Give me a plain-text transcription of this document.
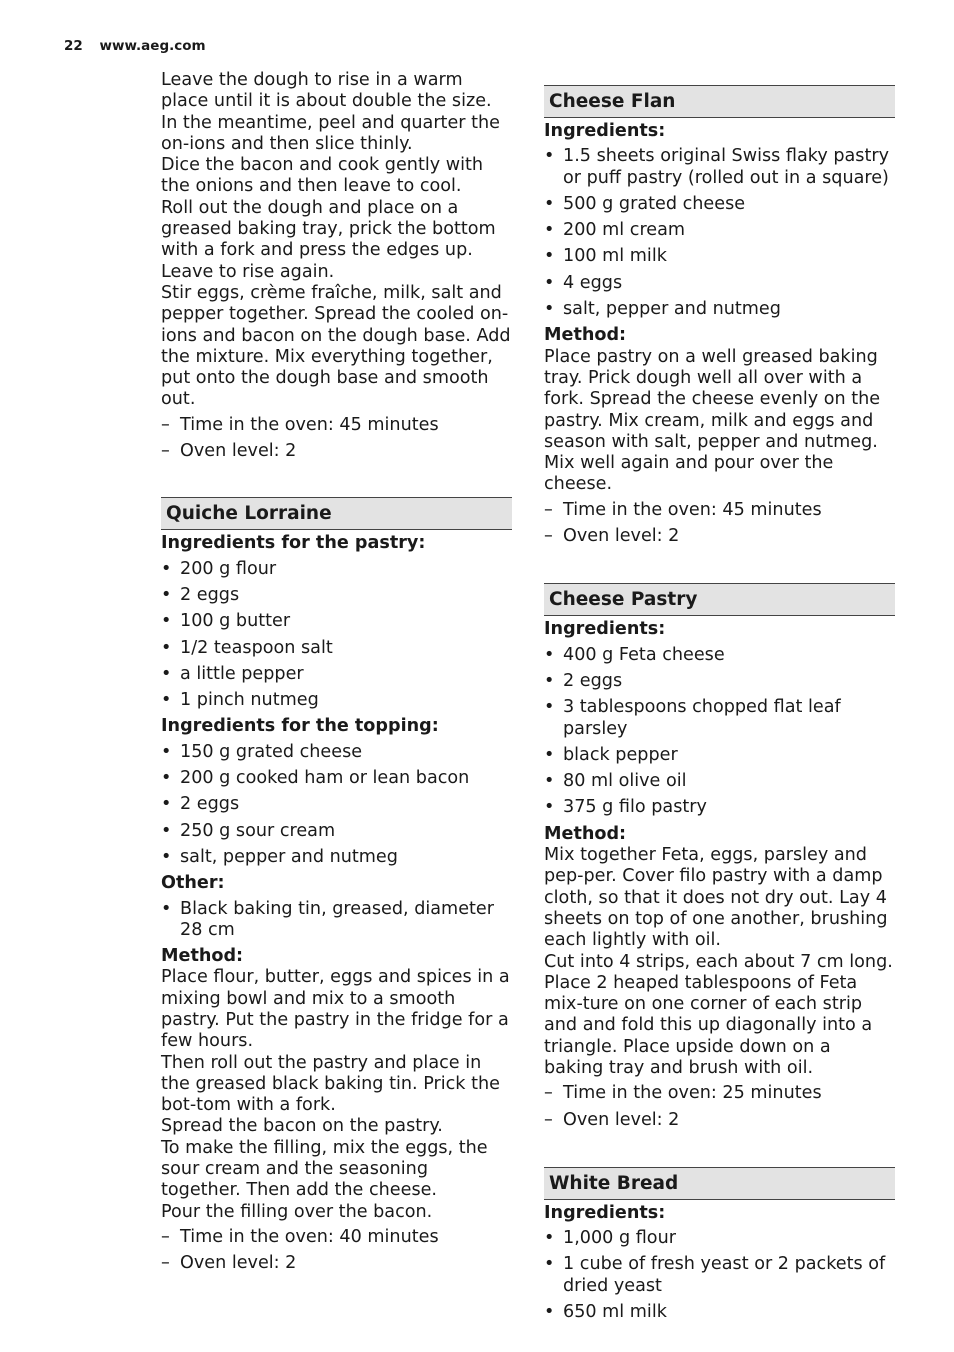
22 www.aeg.com

Leave the dough to rise in a warm place until it is about double the size.

In the meantime, peel and quarter the on-ions and then slice thinly.

Dice the bacon and cook gently with the onions and then leave to cool.

Roll out the dough and place on a greased baking tray, prick the bottom with a fork and press the edges up. Leave to rise again.

Stir eggs, crème fraîche, milk, salt and pepper together. Spread the cooled on-ions and bacon on the dough base. Add the mixture. Mix everything together, put onto the dough base and smooth out.

– Time in the oven: 45 minutes
– Oven level: 2
Quiche Lorraine
Ingredients for the pastry:
• 200 g flour
• 2 eggs
• 100 g butter
• 1/2 teaspoon salt
• a little pepper
• 1 pinch nutmeg
Ingredients for the topping:
• 150 g grated cheese
• 200 g cooked ham or lean bacon
• 2 eggs
• 250 g sour cream
• salt, pepper and nutmeg
Other:
• Black baking tin, greased, diameter 28 cm
Method:

Place flour, butter, eggs and spices in a mixing bowl and mix to a smooth pastry. Put the pastry in the fridge for a few hours.

Then roll out the pastry and place in the greased black baking tin. Prick the bot-tom with a fork.

Spread the bacon on the pastry.

To make the filling, mix the eggs, the sour cream and the seasoning together. Then add the cheese.

Pour the filling over the bacon.

– Time in the oven: 40 minutes
– Oven level: 2
Cheese Flan
Ingredients:
• 1.5 sheets original Swiss flaky pastry or puff pastry (rolled out in a square)
• 500 g grated cheese
• 200 ml cream
• 100 ml milk
• 4 eggs
• salt, pepper and nutmeg
Method:

Place pastry on a well greased baking tray. Prick dough well all over with a fork. Spread the cheese evenly on the pastry. Mix cream, milk and eggs and season with salt, pepper and nutmeg. Mix well again and pour over the cheese.

– Time in the oven: 45 minutes
– Oven level: 2
Cheese Pastry
Ingredients:
• 400 g Feta cheese
• 2 eggs
• 3 tablespoons chopped flat leaf parsley
• black pepper
• 80 ml olive oil
• 375 g filo pastry
Method:

Mix together Feta, eggs, parsley and pep-per. Cover filo pastry with a damp cloth, so that it does not dry out. Lay 4 sheets on top of one another, brushing each lightly with oil.

Cut into 4 strips, each about 7 cm long. Place 2 heaped tablespoons of Feta mix-ture on one corner of each strip and and fold this up diagonally into a triangle. Place upside down on a baking tray and brush with oil.

– Time in the oven: 25 minutes
– Oven level: 2
White Bread
Ingredients:
• 1,000 g flour
• 1 cube of fresh yeast or 2 packets of dried yeast
• 650 ml milk
